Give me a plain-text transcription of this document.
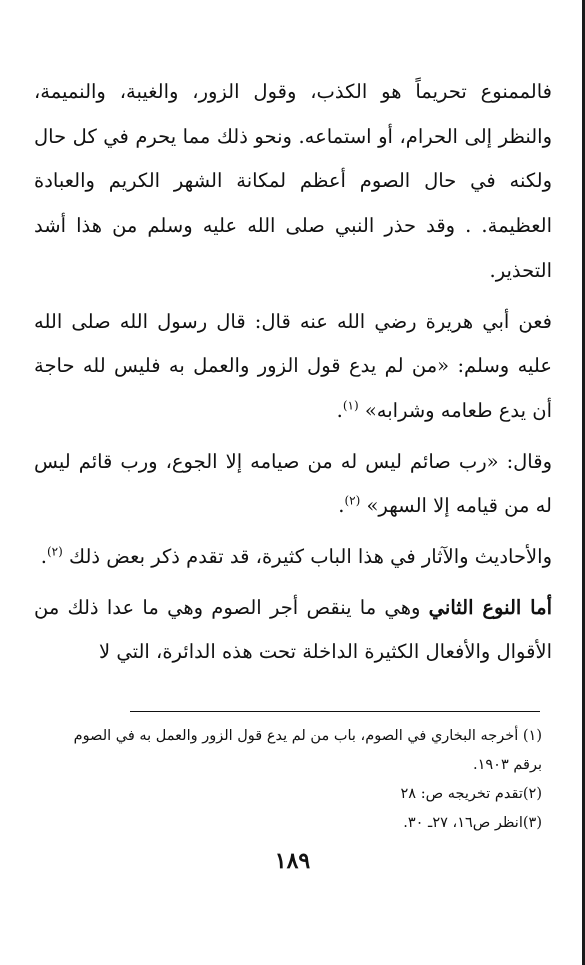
فالممنوع تحريماً هو الكذب، وقول الزور، والغيبة، والنميمة، والنظر إلى الحرام، أو استماعه. ونحو ذلك مما يحرم في كل حال ولكنه في حال الصوم أعظم لمكانة الشهر الكريم والعبادة العظيمة. . وقد حذر النبي صلى الله عليه وسلم من هذا أشد التحذير.

فعن أبي هريرة رضي الله عنه قال: قال رسول الله صلى الله عليه وسلم: «من لم يدع قول الزور والعمل به فليس لله حاجة أن يدع طعامه وشرابه» $^{(١)}$.

وقال: «رب صائم ليس له من صيامه إلا الجوع، ورب قائم ليس له من قيامه إلا السهر» $^{(٢)}$.

والأحاديث والآثار في هذا الباب كثيرة، قد تقدم ذكر بعض ذلك $^{(٢)}$.

أما النوع الثاني وهي ما ينقص أجر الصوم وهي ما عدا ذلك من الأقوال والأفعال الكثيرة الداخلة تحت هذه الدائرة، التي لا

(١) أخرجه البخاري في الصوم، باب من لم يدع قول الزور والعمل به في الصوم برقم ١٩٠٣.

(٢)تقدم تخريجه ص: ٢٨

(٣)انظر ص١٦، ٢٧ـ ٣٠.

١٨٩
